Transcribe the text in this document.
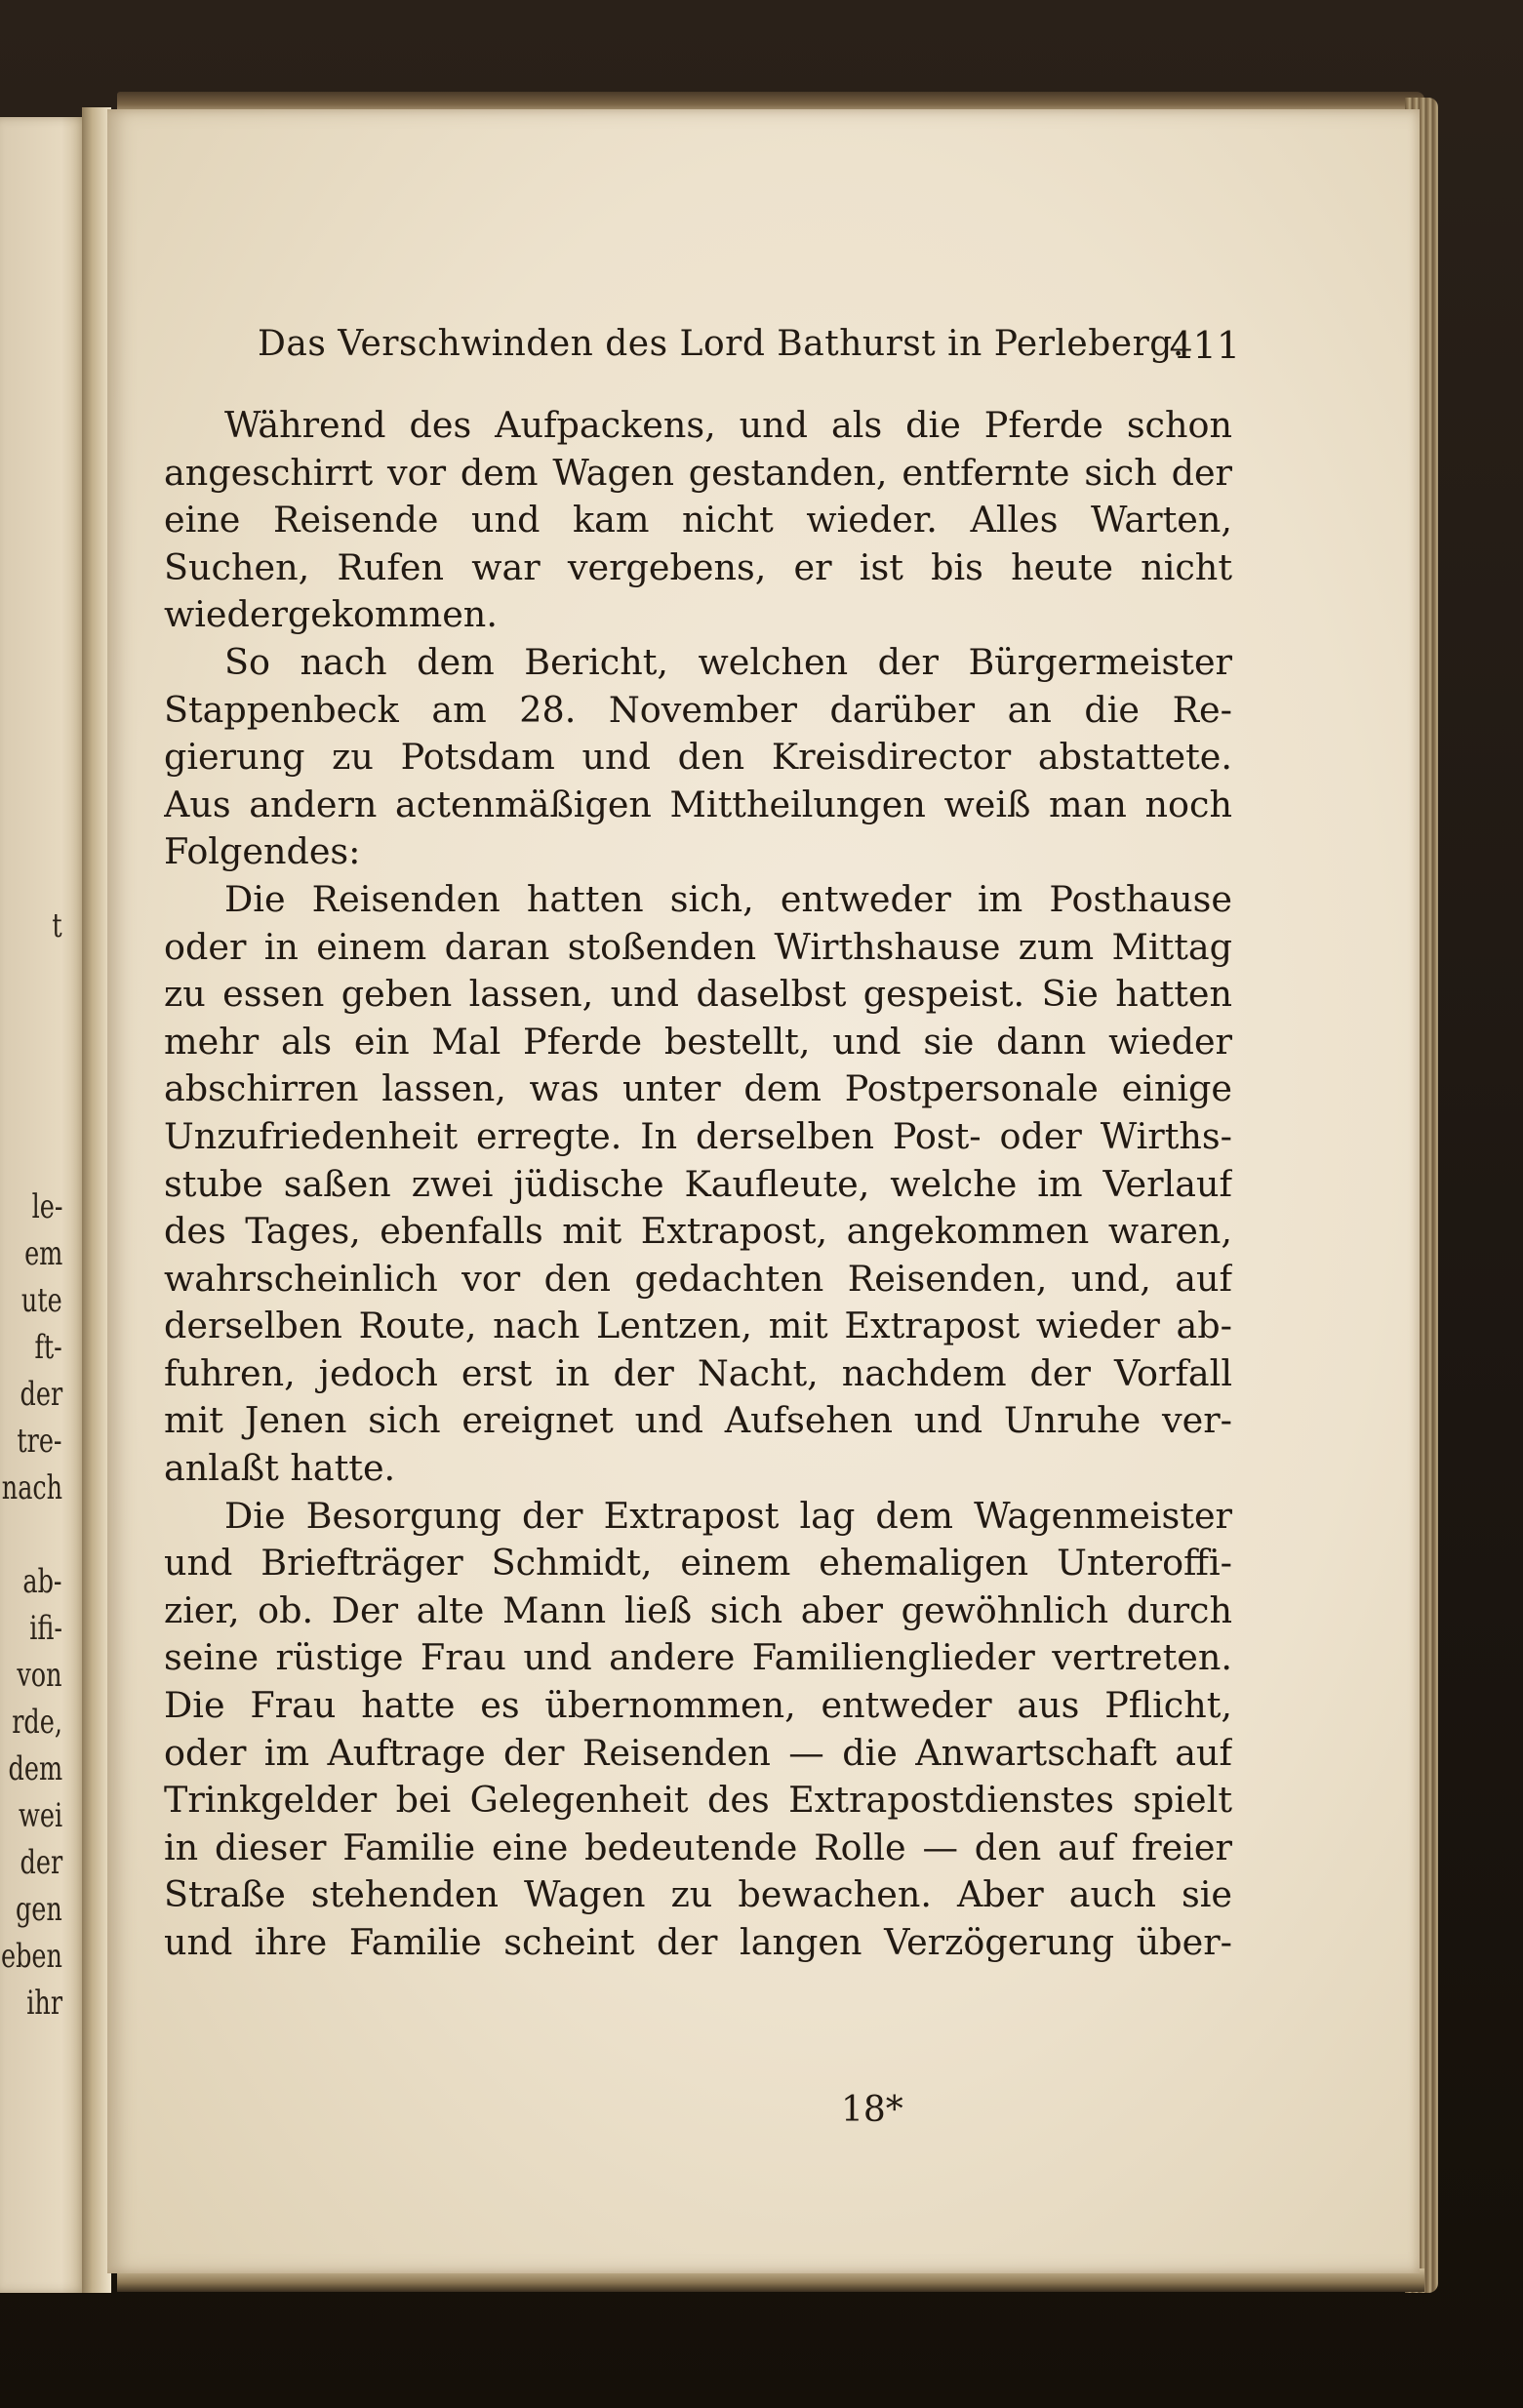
t
le-
em
ute
ft-
der
tre-
nach
ab-
ifi-
von
rde,
dem
wei
der
gen
eben
ihr
Das Verschwinden des Lord Bathurst in Perleberg.
411
Während des Aufpackens, und als die Pferde schon
angeschirrt vor dem Wagen gestanden, entfernte sich der
eine Reisende und kam nicht wieder. Alles Warten,
Suchen, Rufen war vergebens, er ist bis heute nicht
wiedergekommen.
So nach dem Bericht, welchen der Bürgermeister
Stappenbeck am 28. November darüber an die Re-
gierung zu Potsdam und den Kreisdirector abstattete.
Aus andern actenmäßigen Mittheilungen weiß man noch
Folgendes:
Die Reisenden hatten sich, entweder im Posthause
oder in einem daran stoßenden Wirthshause zum Mittag
zu essen geben lassen, und daselbst gespeist. Sie hatten
mehr als ein Mal Pferde bestellt, und sie dann wieder
abschirren lassen, was unter dem Postpersonale einige
Unzufriedenheit erregte. In derselben Post- oder Wirths-
stube saßen zwei jüdische Kaufleute, welche im Verlauf
des Tages, ebenfalls mit Extrapost, angekommen waren,
wahrscheinlich vor den gedachten Reisenden, und, auf
derselben Route, nach Lentzen, mit Extrapost wieder ab-
fuhren, jedoch erst in der Nacht, nachdem der Vorfall
mit Jenen sich ereignet und Aufsehen und Unruhe ver-
anlaßt hatte.
Die Besorgung der Extrapost lag dem Wagenmeister
und Briefträger Schmidt, einem ehemaligen Unteroffi-
zier, ob. Der alte Mann ließ sich aber gewöhnlich durch
seine rüstige Frau und andere Familienglieder vertreten.
Die Frau hatte es übernommen, entweder aus Pflicht,
oder im Auftrage der Reisenden — die Anwartschaft auf
Trinkgelder bei Gelegenheit des Extrapostdienstes spielt
in dieser Familie eine bedeutende Rolle — den auf freier
Straße stehenden Wagen zu bewachen. Aber auch sie
und ihre Familie scheint der langen Verzögerung über-
18*
